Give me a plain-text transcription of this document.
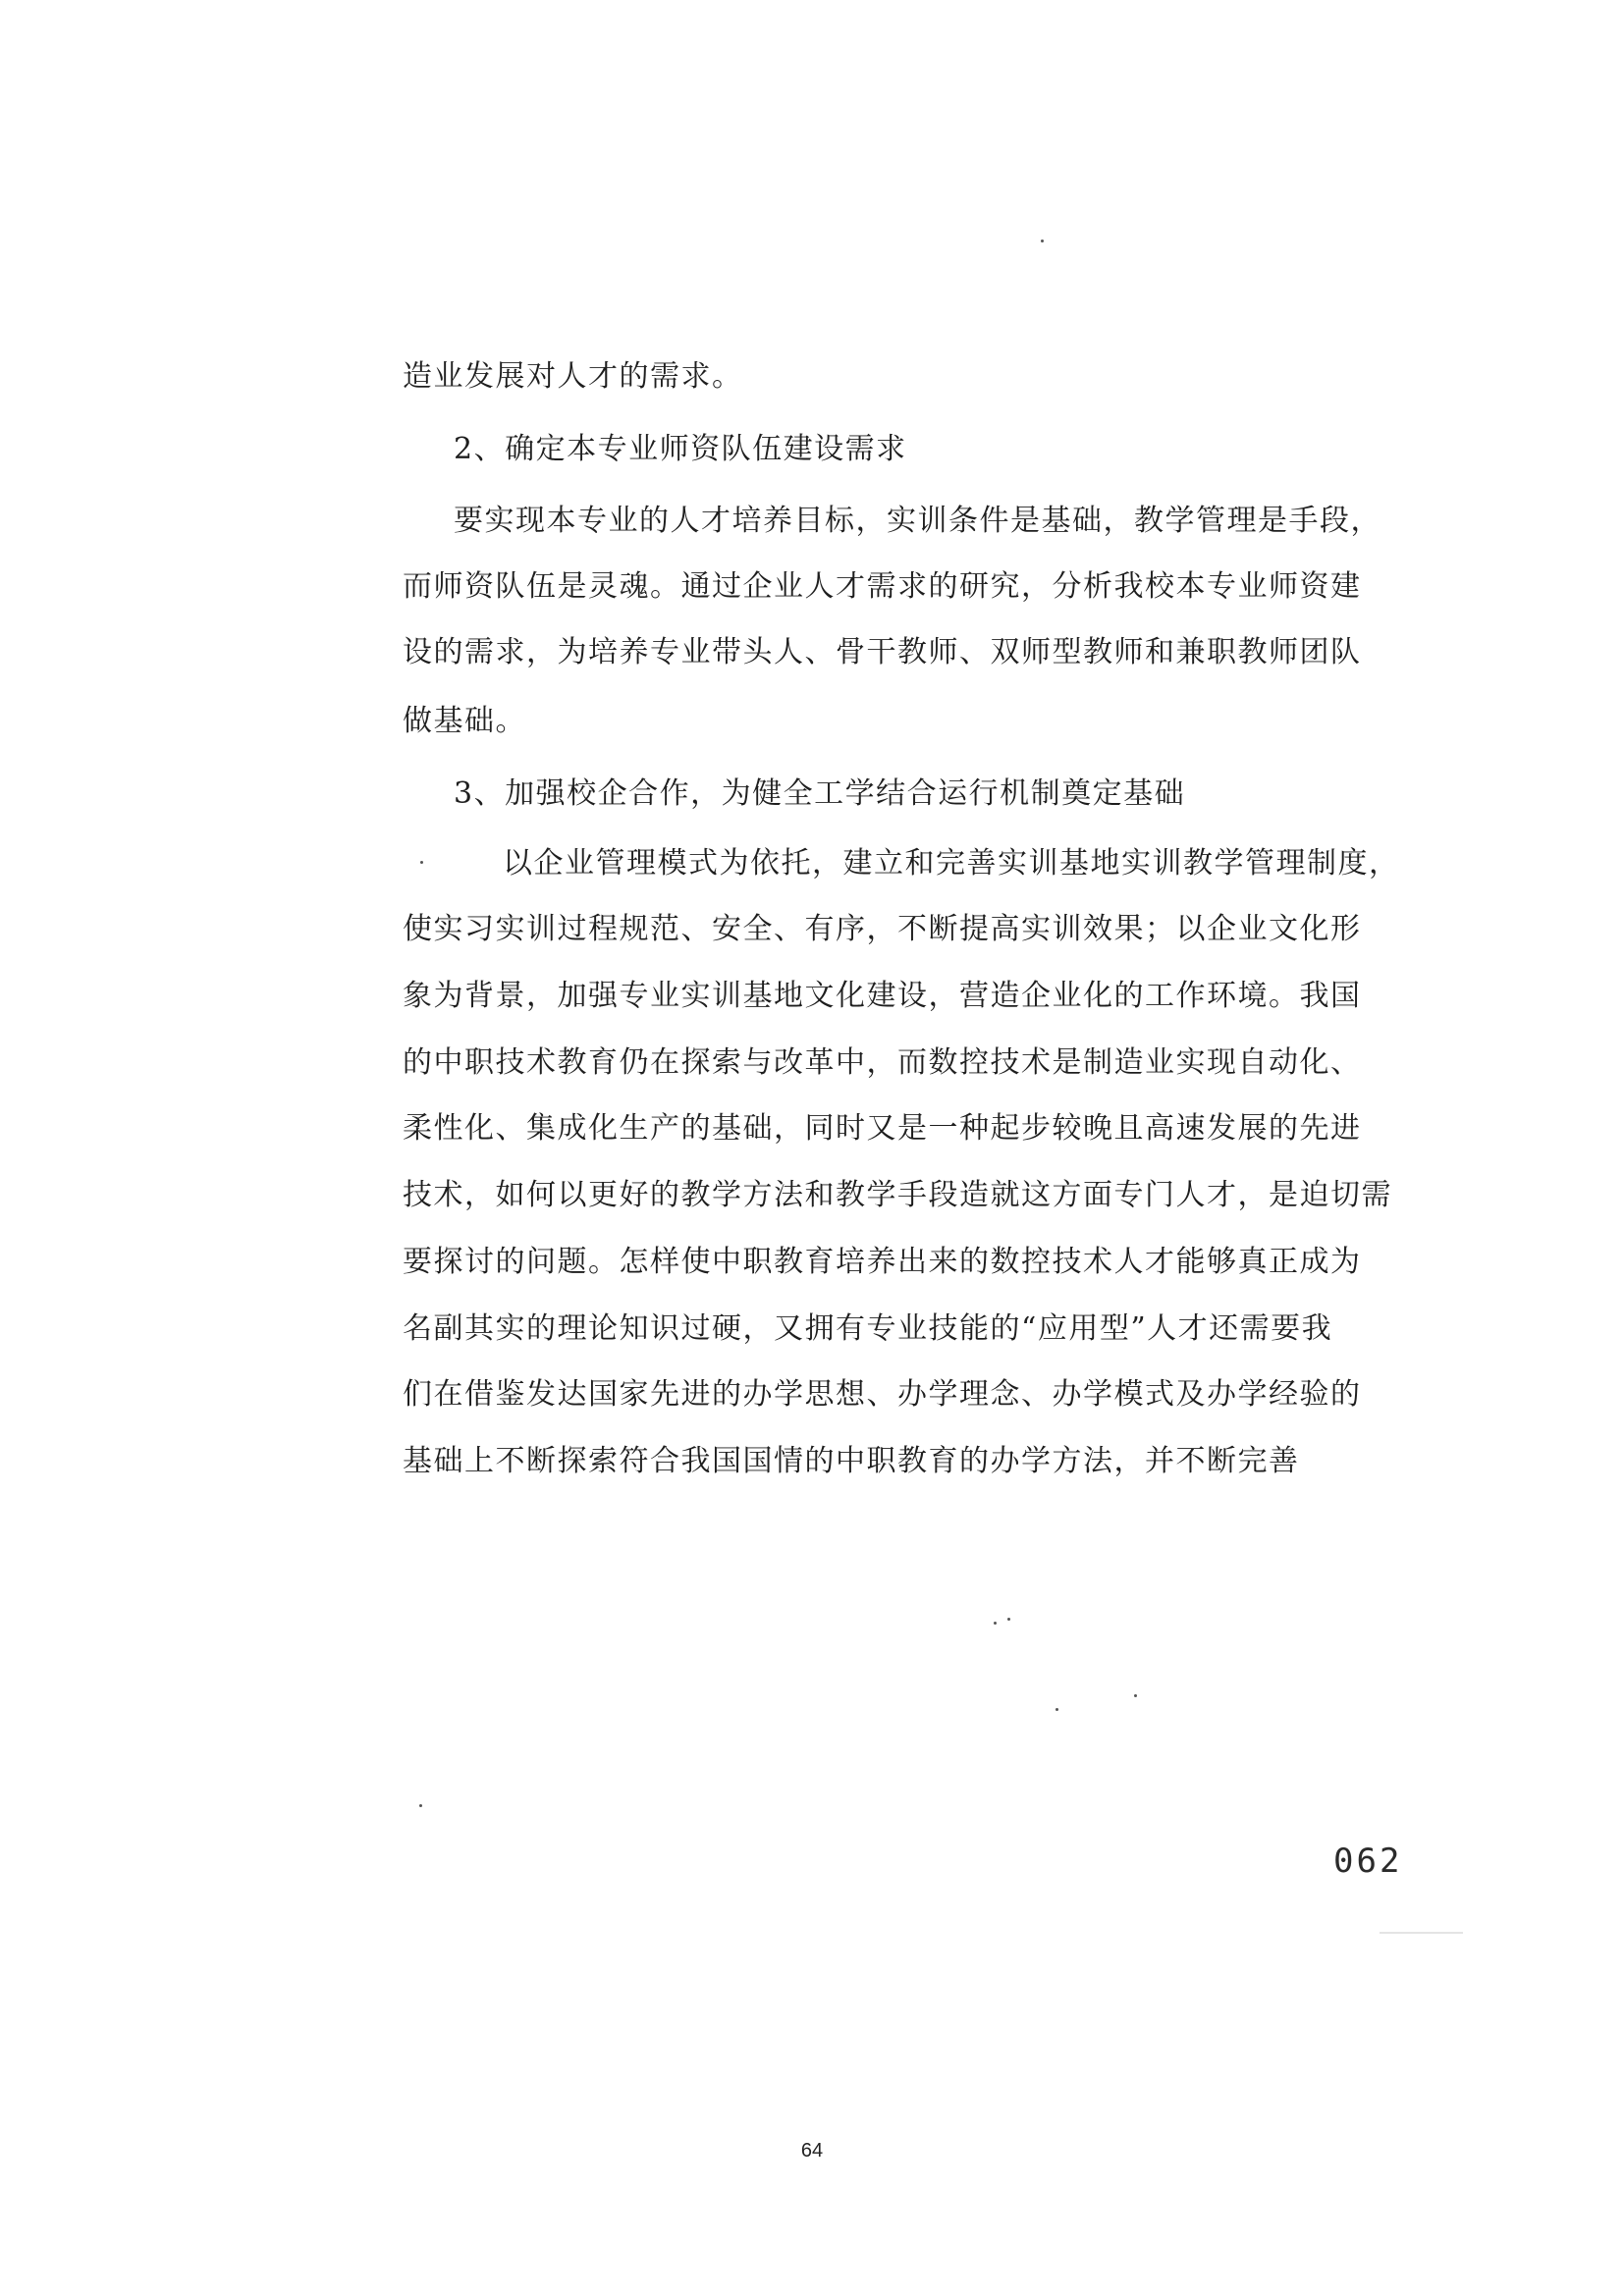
造业发展对人才的需求。
2、确定本专业师资队伍建设需求
要实现本专业的人才培养目标，实训条件是基础，教学管理是手段，
而师资队伍是灵魂。通过企业人才需求的研究，分析我校本专业师资建
设的需求，为培养专业带头人、骨干教师、双师型教师和兼职教师团队
做基础。
3、加强校企合作，为健全工学结合运行机制奠定基础
以企业管理模式为依托，建立和完善实训基地实训教学管理制度，
使实习实训过程规范、安全、有序，不断提高实训效果；以企业文化形
象为背景，加强专业实训基地文化建设，营造企业化的工作环境。我国
的中职技术教育仍在探索与改革中，而数控技术是制造业实现自动化、
柔性化、集成化生产的基础，同时又是一种起步较晚且高速发展的先进
技术，如何以更好的教学方法和教学手段造就这方面专门人才，是迫切需
要探讨的问题。怎样使中职教育培养出来的数控技术人才能够真正成为
名副其实的理论知识过硬，又拥有专业技能的“应用型”人才还需要我
们在借鉴发达国家先进的办学思想、办学理念、办学模式及办学经验的
基础上不断探索符合我国国情的中职教育的办学方法，并不断完善
062
64
